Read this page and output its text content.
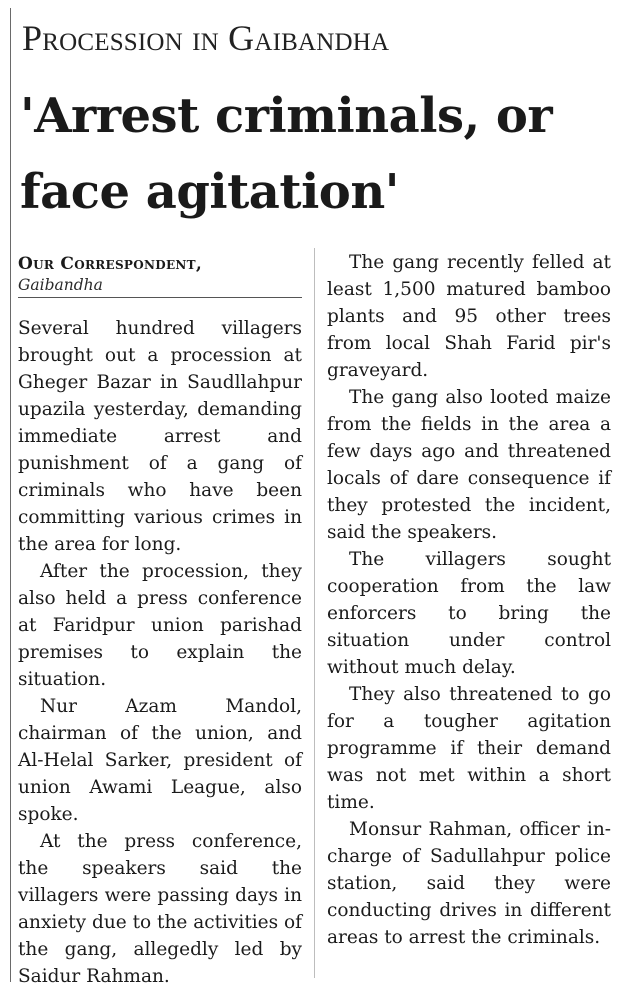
Procession in Gaibandha
'Arrest criminals, or face agitation'
Our Correspondent,
Gaibandha

Several hundred villagers brought out a procession at Gheger Bazar in Saudllahpur upazila yesterday, demanding immediate arrest and punishment of a gang of criminals who have been committing various crimes in the area for long.

After the procession, they also held a press conference at Faridpur union parishad premises to explain the situation.

Nur Azam Mandol, chairman of the union, and Al-Helal Sarker, president of union Awami League, also spoke.

At the press conference, the speakers said the villagers were passing days in anxiety due to the activities of the gang, allegedly led by Saidur Rahman.

The gang recently felled at least 1,500 matured bamboo plants and 95 other trees from local Shah Farid pir's graveyard.

The gang also looted maize from the fields in the area a few days ago and threatened locals of dare consequence if they protested the incident, said the speakers.

The villagers sought cooperation from the law enforcers to bring the situation under control without much delay.

They also threatened to go for a tougher agitation programme if their demand was not met within a short time.

Monsur Rahman, officer in-charge of Sadullahpur police station, said they were conducting drives in different areas to arrest the criminals.
